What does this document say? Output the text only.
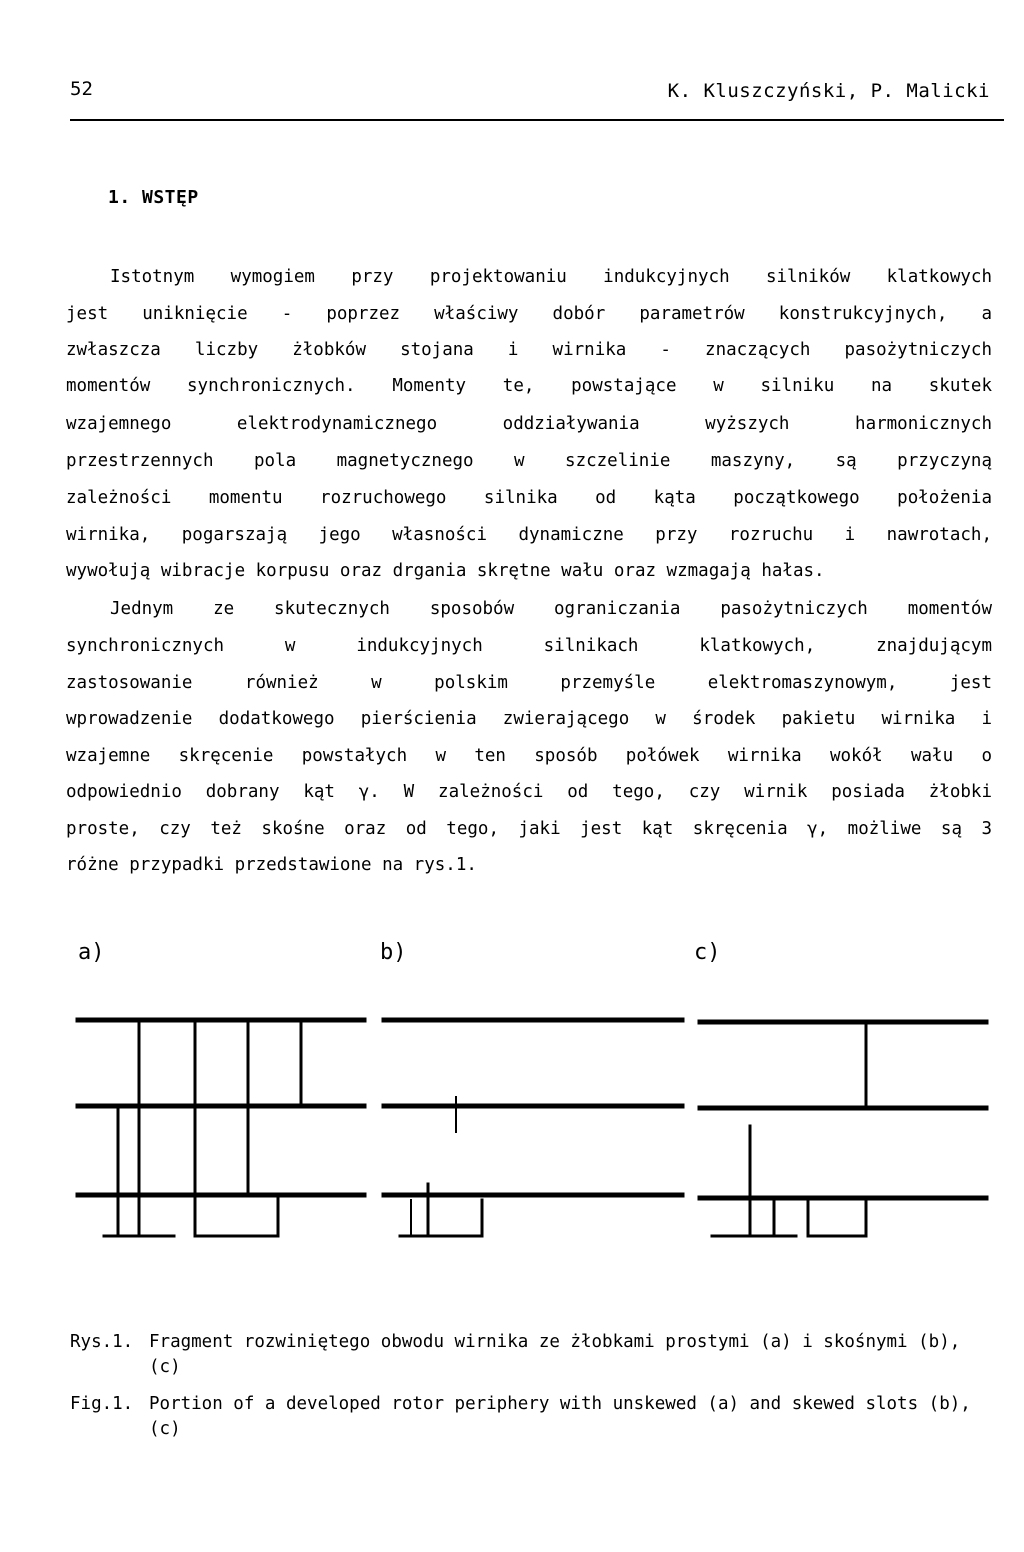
52	K. Kluszczyński, P. Malicki
1. WSTĘP
Istotnym wymogiem przy projektowaniu indukcyjnych silników klatkowych
jest uniknięcie - poprzez właściwy dobór parametrów konstrukcyjnych, a
zwłaszcza liczby żłobków stojana i wirnika - znaczących pasożytniczych
momentów synchronicznych. Momenty te, powstające w silniku na skutek
wzajemnego elektrodynamicznego oddziaływania wyższych harmonicznych
przestrzennych pola magnetycznego w szczelinie maszyny, są przyczyną
zależności momentu rozruchowego silnika od kąta początkowego położenia
wirnika, pogarszają jego własności dynamiczne przy rozruchu i nawrotach,
wywołują wibracje korpusu oraz drgania skrętne wału oraz wzmagają hałas.
Jednym ze skutecznych sposobów ograniczania pasożytniczych momentów
synchronicznych w indukcyjnych silnikach klatkowych, znajdującym
zastosowanie również w polskim przemyśle elektromaszynowym, jest
wprowadzenie dodatkowego pierścienia zwierającego w środek pakietu wirnika i
wzajemne skręcenie powstałych w ten sposób połówek wirnika wokół wału o
odpowiednio dobrany kąt γ. W zależności od tego, czy wirnik posiada żłobki
proste, czy też skośne oraz od tego, jaki jest kąt skręcenia γ, możliwe są 3
różne przypadki przedstawione na rys.1.
a)	b)	c)
Rys.1. Fragment rozwiniętego obwodu wirnika ze żłobkami prostymi (a) i skośnymi (b), (c)
Fig.1. Portion of a developed rotor periphery with unskewed (a) and skewed slots (b), (c)
